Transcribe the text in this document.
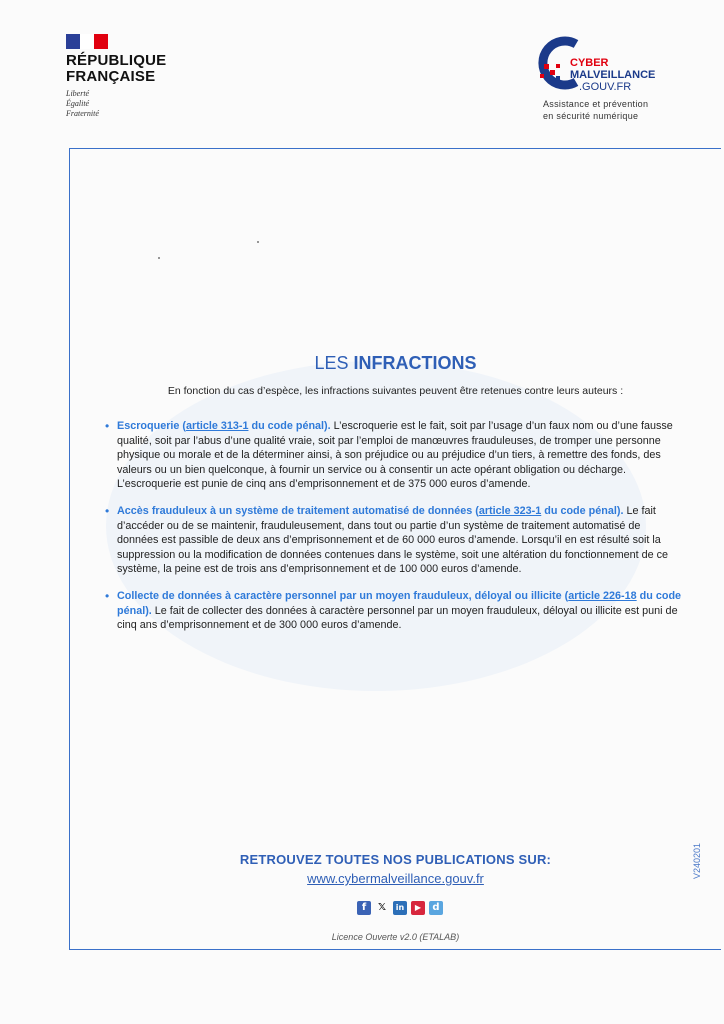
RÉPUBLIQUE
FRANÇAISE
Liberté
Égalité
Fraternité
CYBER
MALVEILLANCE
.GOUV.FR
Assistance et prévention
en sécurité numérique
LES INFRACTIONS
En fonction du cas d’espèce, les infractions suivantes peuvent être retenues contre leurs auteurs :
• Escroquerie (article 313-1 du code pénal). L’escroquerie est le fait, soit par l’usage d’un faux nom ou d’une fausse qualité, soit par l’abus d’une qualité vraie, soit par l’emploi de manœuvres frauduleuses, de tromper une personne physique ou morale et de la déterminer ainsi, à son préjudice ou au préjudice d’un tiers, à remettre des fonds, des valeurs ou un bien quelconque, à fournir un service ou à consentir un acte opérant obligation ou décharge. L’escroquerie est punie de cinq ans d’emprisonnement et de 375 000 euros d’amende.
• Accès frauduleux à un système de traitement automatisé de données (article 323-1 du code pénal). Le fait d’accéder ou de se maintenir, frauduleusement, dans tout ou partie d’un système de traitement automatisé de données est passible de deux ans d’emprisonnement et de 60 000 euros d’amende. Lorsqu’il en est résulté soit la suppression ou la modification de données contenues dans le système, soit une altération du fonctionnement de ce système, la peine est de trois ans d’emprisonnement et de 100 000 euros d’amende.
• Collecte de données à caractère personnel par un moyen frauduleux, déloyal ou illicite (article 226-18 du code pénal). Le fait de collecter des données à caractère personnel par un moyen frauduleux, déloyal ou illicite est puni de cinq ans d’emprisonnement et de 300 000 euros d’amende.
RETROUVEZ TOUTES NOS PUBLICATIONS SUR:
www.cybermalveillance.gouv.fr
f	𝕏	in	▶	d
Licence Ouverte v2.0 (ETALAB)
V240201
